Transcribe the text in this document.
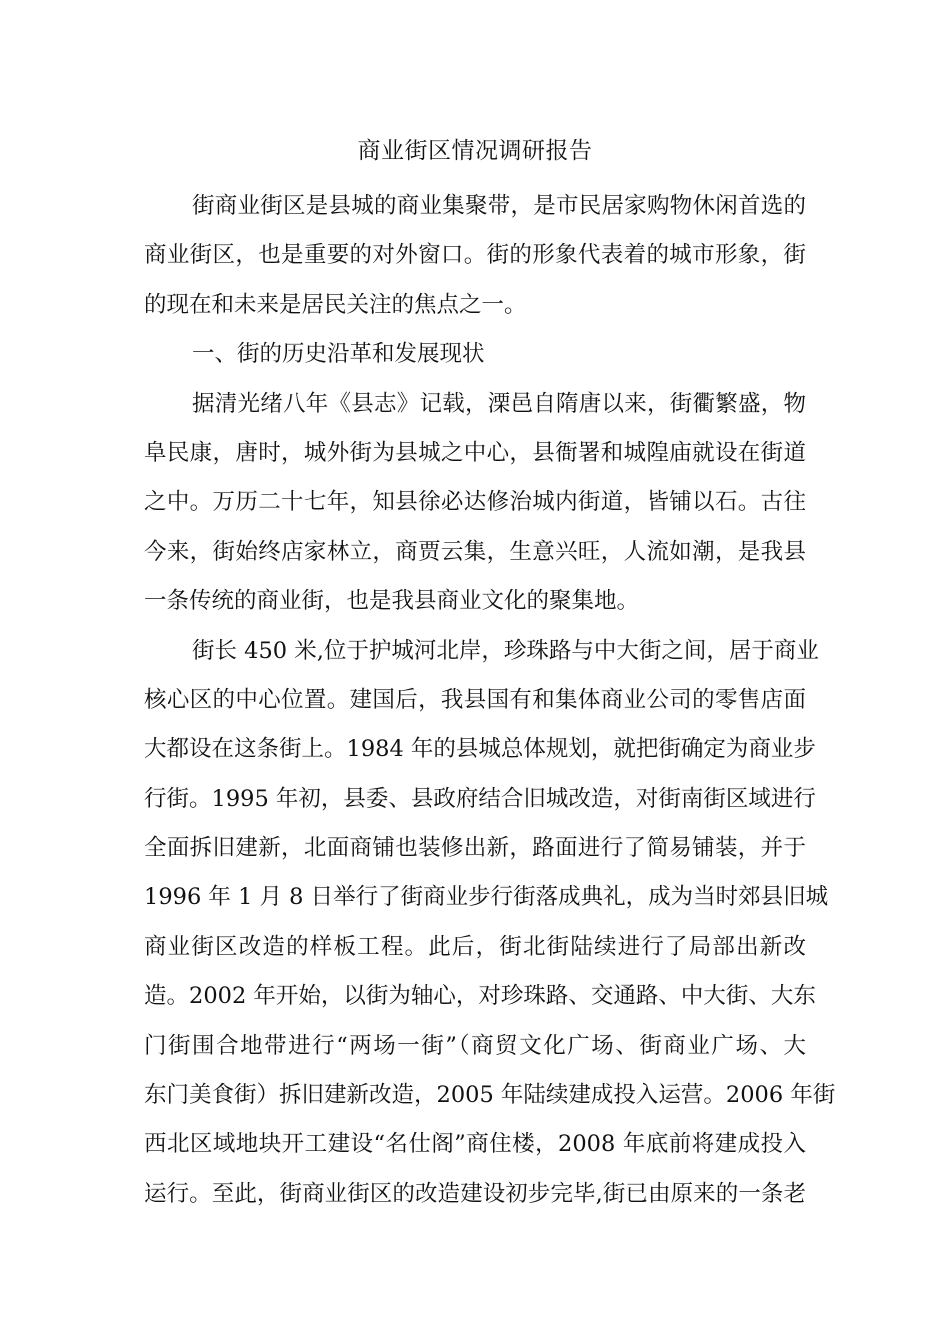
商业街区情况调研报告
街商业街区是县城的商业集聚带，是市民居家购物休闲首选的
商业街区，也是重要的对外窗口。街的形象代表着的城市形象，街
的现在和未来是居民关注的焦点之一。
一、街的历史沿革和发展现状
据清光绪八年《县志》记载，溧邑自隋唐以来，街衢繁盛，物
阜民康，唐时，城外街为县城之中心，县衙署和城隍庙就设在街道
之中。万历二十七年，知县徐必达修治城内街道，皆铺以石。古往
今来，街始终店家林立，商贾云集，生意兴旺，人流如潮，是我县
一条传统的商业街，也是我县商业文化的聚集地。
街长 450 米,位于护城河北岸，珍珠路与中大街之间，居于商业
核心区的中心位置。建国后，我县国有和集体商业公司的零售店面
大都设在这条街上。1984 年的县城总体规划，就把街确定为商业步
行街。1995 年初，县委、县政府结合旧城改造，对街南街区域进行
全面拆旧建新，北面商铺也装修出新，路面进行了简易铺装，并于
1996 年 1 月 8 日举行了街商业步行街落成典礼，成为当时郊县旧城
商业街区改造的样板工程。此后，街北街陆续进行了局部出新改
造。2002 年开始，以街为轴心，对珍珠路、交通路、中大街、大东
门街围合地带进行“两场一街”（商贸文化广场、街商业广场、大
东门美食街）拆旧建新改造，2005 年陆续建成投入运营。2006 年街
西北区域地块开工建设“名仕阁”商住楼，2008 年底前将建成投入
运行。至此，街商业街区的改造建设初步完毕,街已由原来的一条老
